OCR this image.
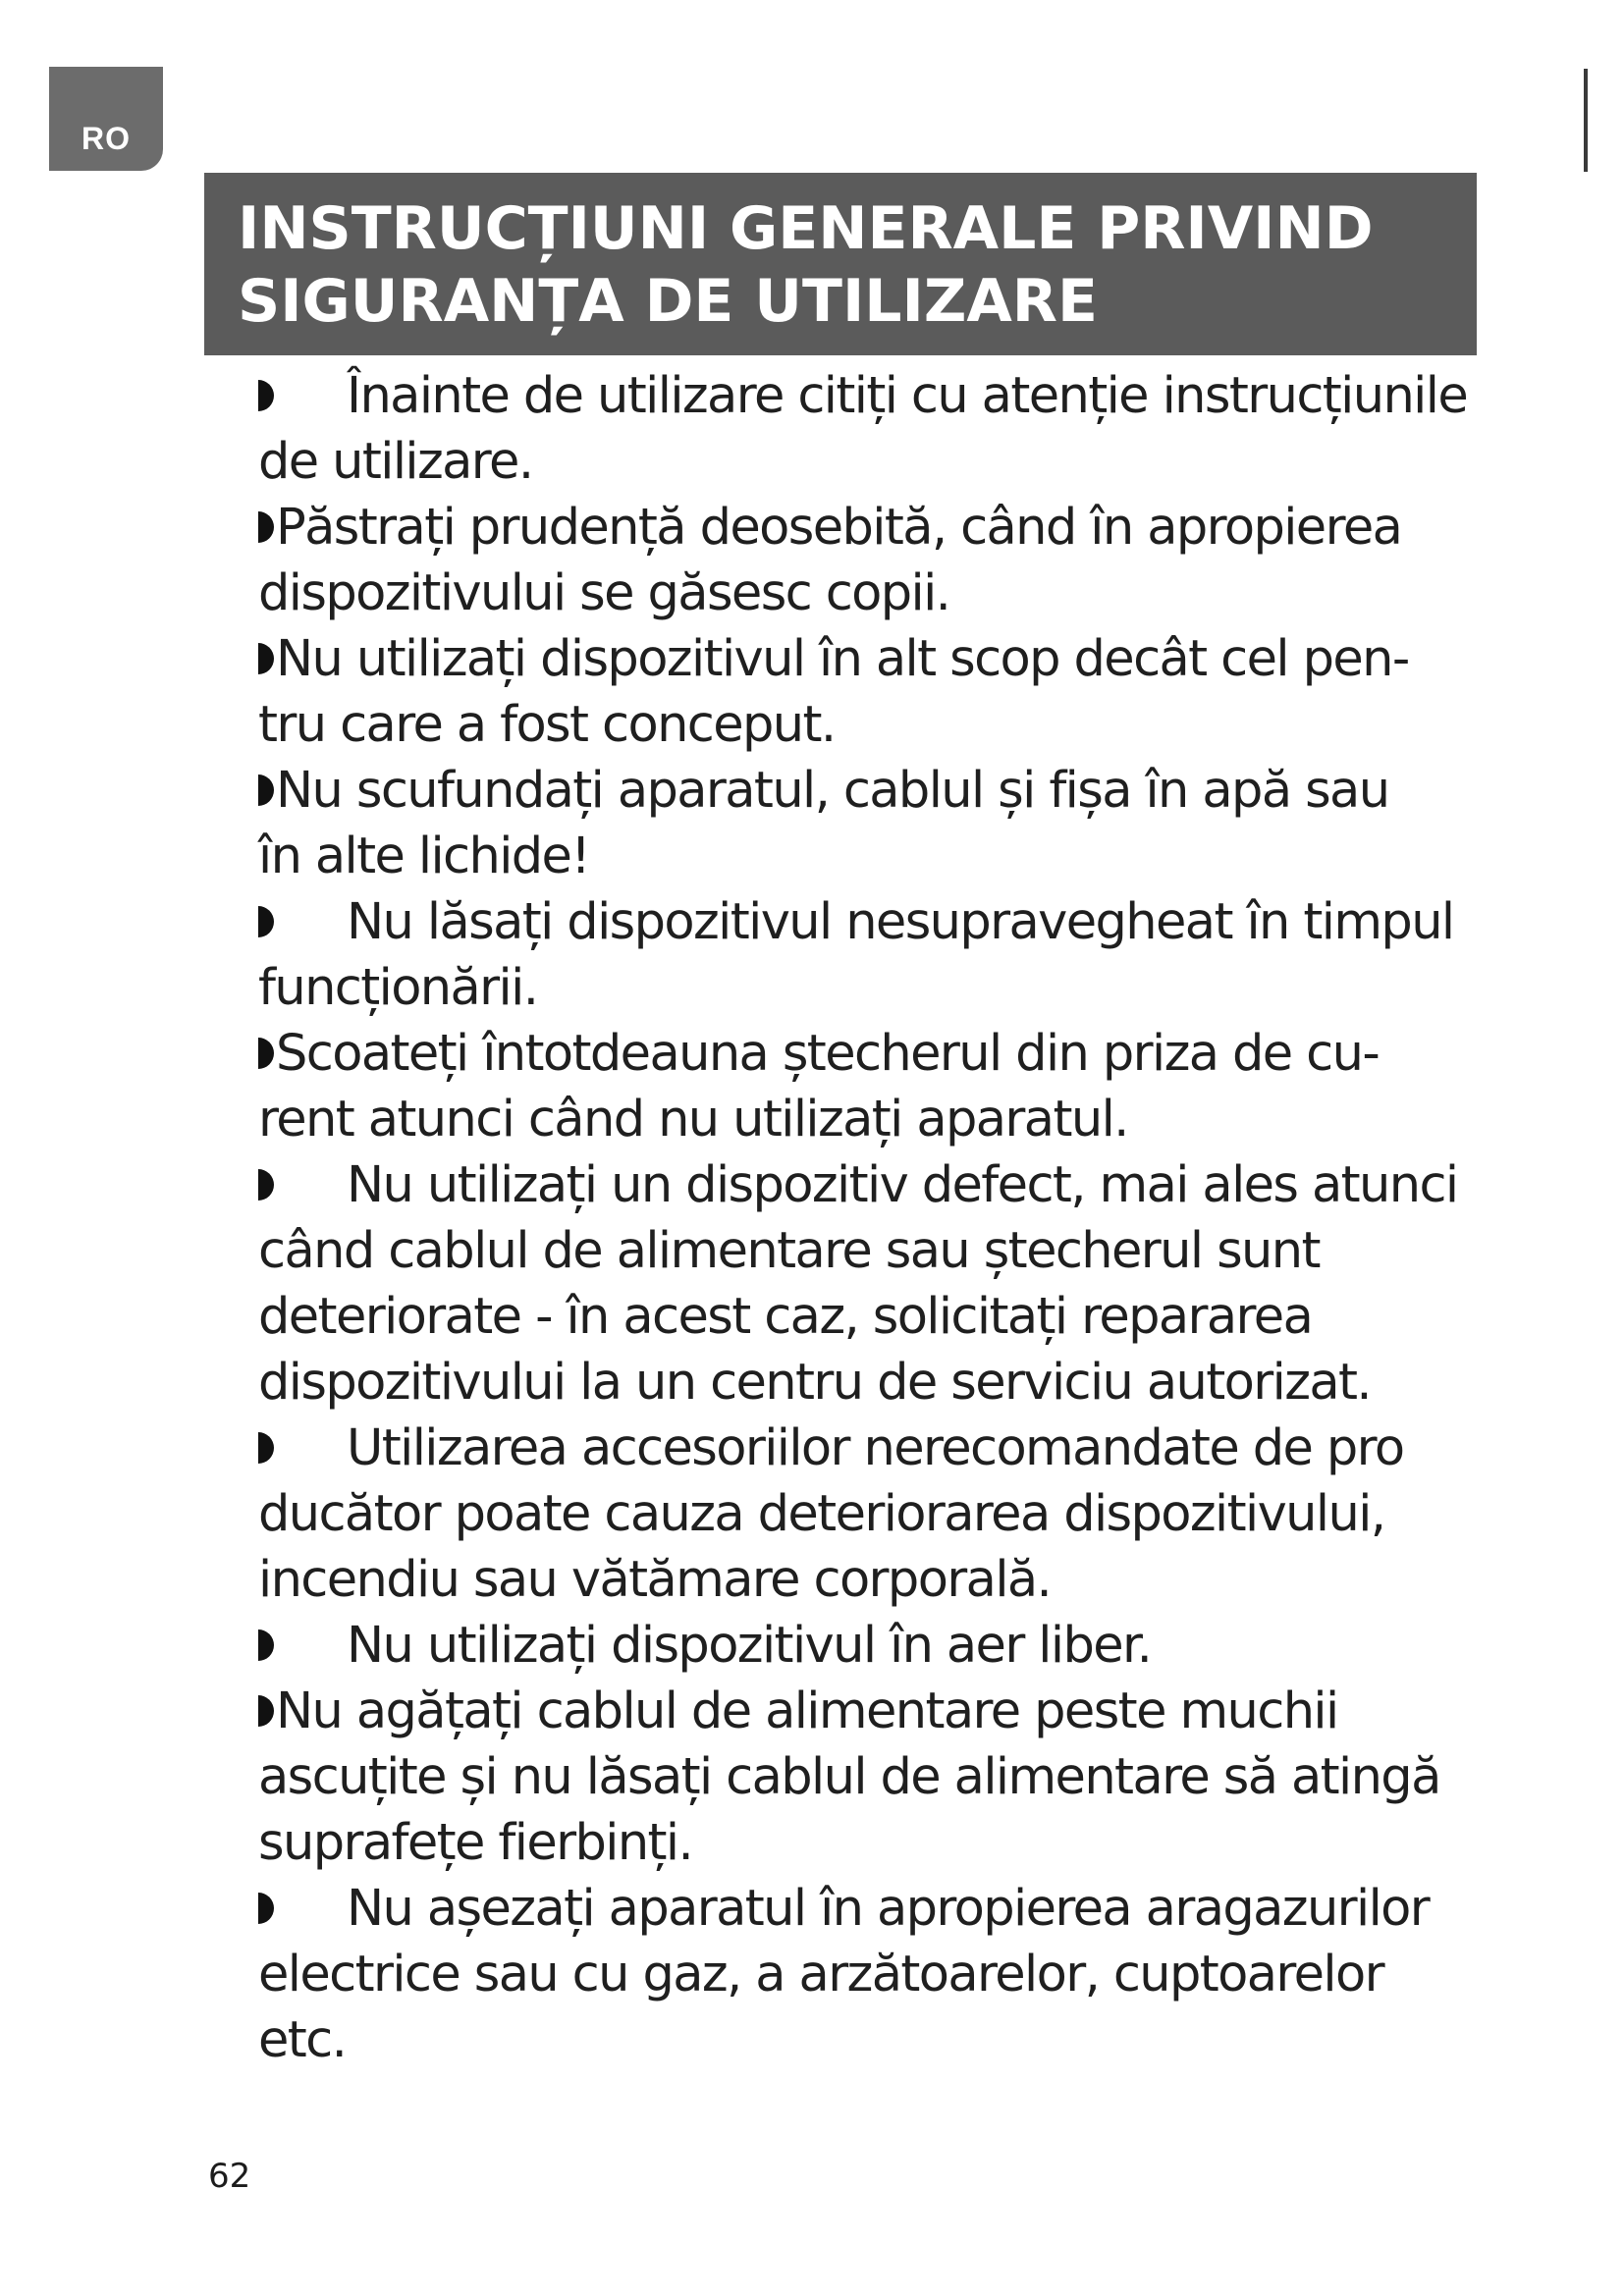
RO
INSTRUCȚIUNI GENERALE PRIVIND
SIGURANȚA DE UTILIZARE
Înainte de utilizare citiți cu atenție instrucțiunile
de utilizare.
Păstrați prudență deosebită, când în apropierea
dispozitivului se găsesc copii.
Nu utilizați dispozitivul în alt scop decât cel pen-
tru care a fost conceput.
Nu scufundați aparatul, cablul și fișa în apă sau
în alte lichide!
Nu lăsați dispozitivul nesupravegheat în timpul
funcționării.
Scoateți întotdeauna ștecherul din priza de cu-
rent atunci când nu utilizați aparatul.
Nu utilizați un dispozitiv defect, mai ales atunci
când cablul de alimentare sau ștecherul sunt
deteriorate - în acest caz, solicitați repararea
dispozitivului la un centru de serviciu autorizat.
Utilizarea accesoriilor nerecomandate de pro
ducător poate cauza deteriorarea dispozitivului,
incendiu sau vătămare corporală.
Nu utilizați dispozitivul în aer liber.
Nu agățați cablul de alimentare peste muchii
ascuțite și nu lăsați cablul de alimentare să atingă
suprafețe fierbinți.
Nu așezați aparatul în apropierea aragazurilor
electrice sau cu gaz, a arzătoarelor, cuptoarelor
etc.
62
